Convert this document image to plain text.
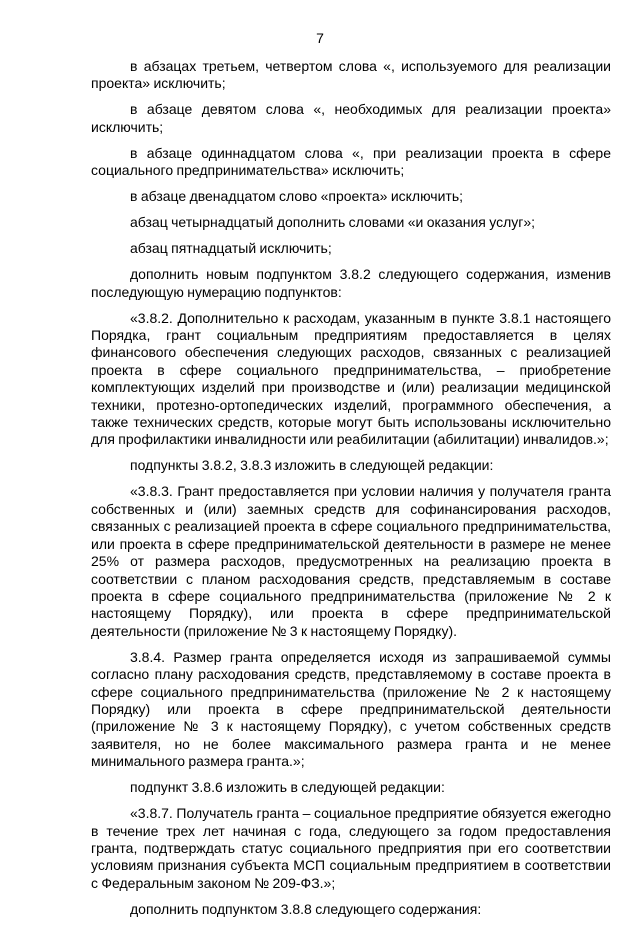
7

в абзацах третьем, четвертом слова «, используемого для реализации проекта» исключить;

в абзаце девятом слова «, необходимых для реализации проекта» исключить;

в абзаце одиннадцатом слова «, при реализации проекта в сфере социального предпринимательства» исключить;

в абзаце двенадцатом слово «проекта» исключить;

абзац четырнадцатый дополнить словами «и оказания услуг»;

абзац пятнадцатый исключить;

дополнить новым подпунктом 3.8.2 следующего содержания, изменив последующую нумерацию подпунктов:

«3.8.2. Дополнительно к расходам, указанным в пункте 3.8.1 настоящего Порядка, грант социальным предприятиям предоставляется в целях финансового обеспечения следующих расходов, связанных с реализацией проекта в сфере социального предпринимательства, – приобретение комплектующих изделий при производстве и (или) реализации медицинской техники, протезно-ортопедических изделий, программного обеспечения, а также технических средств, которые могут быть использованы исключительно для профилактики инвалидности или реабилитации (абилитации) инвалидов.»;

подпункты 3.8.2, 3.8.3 изложить в следующей редакции:

«3.8.3. Грант предоставляется при условии наличия у получателя гранта собственных и (или) заемных средств для софинансирования расходов, связанных с реализацией проекта в сфере социального предпринимательства, или проекта в сфере предпринимательской деятельности в размере не менее 25% от размера расходов, предусмотренных на реализацию проекта в соответствии с планом расходования средств, представляемым в составе проекта в сфере социального предпринимательства (приложение № 2 к настоящему Порядку), или проекта в сфере предпринимательской деятельности (приложение № 3 к настоящему Порядку).

3.8.4. Размер гранта определяется исходя из запрашиваемой суммы согласно плану расходования средств, представляемому в составе проекта в сфере социального предпринимательства (приложение № 2 к настоящему Порядку) или проекта в сфере предпринимательской деятельности (приложение № 3 к настоящему Порядку), с учетом собственных средств заявителя, но не более максимального размера гранта и не менее минимального размера гранта.»;

подпункт 3.8.6 изложить в следующей редакции:

«3.8.7. Получатель гранта – социальное предприятие обязуется ежегодно в течение трех лет начиная с года, следующего за годом предоставления гранта, подтверждать статус социального предприятия при его соответствии условиям признания субъекта МСП социальным предприятием в соответствии с Федеральным законом № 209-ФЗ.»;

дополнить подпунктом 3.8.8 следующего содержания:
